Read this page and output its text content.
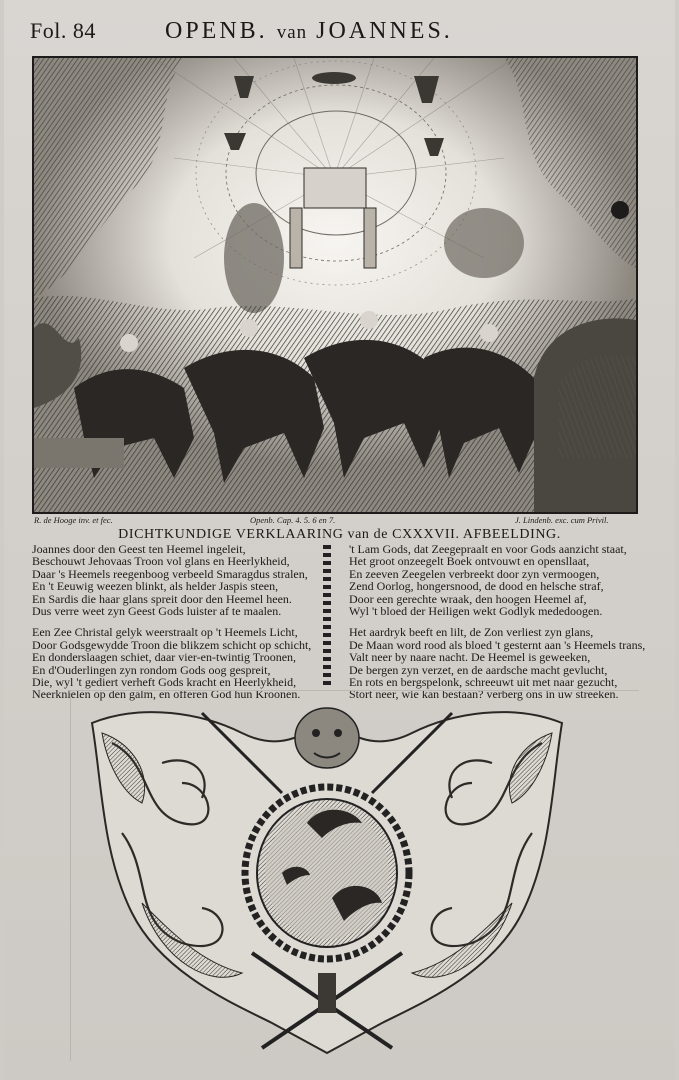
Fol. 84	OPENB. van JOANNES.
R. de Hooge inv. et fec.	Openb. Cap. 4. 5. 6 en 7.	J. Lindenb. exc. cum Privil.
DICHTKUNDIGE VERKLAARING van de CXXXVII. AFBEELDING.

Joannes door den Geest ten Heemel ingeleit,

Beschouwt Jehovaas Troon vol glans en Heerlykheid,

Daar 's Heemels reegenboog verbeeld Smaragdus stralen,

En 't Eeuwig weezen blinkt, als helder Jaspis steen,

En Sardis die haar glans spreit door den Heemel heen.

Dus verre weet zyn Geest Gods luister af te maalen.

Een Zee Christal gelyk weerstraalt op 't Heemels Licht,

Door Godsgewydde Troon die blikzem schicht op schicht,

En donderslaagen schiet, daar vier-en-twintig Troonen,

En d'Ouderlingen zyn rondom Gods oog gespreit,

Die, wyl 't gediert verheft Gods kracht en Heerlykheid,

Neerknielen op den galm, en offeren God hun Kroonen.

't Lam Gods, dat Zeegepraalt en voor Gods aanzicht staat,

Het groot onzeegelt Boek ontvouwt en opensllaat,

En zeeven Zeegelen verbreekt door zyn vermoogen,

Zend Oorlog, hongersnood, de dood en helsche straf,

Door een gerechte wraak, den hoogen Heemel af,

Wyl 't bloed der Heiligen wekt Godlyk mededoogen.

Het aardryk beeft en lilt, de Zon verliest zyn glans,

De Maan word rood als bloed 't gesternt aan 's Heemels trans,

Valt neer by naare nacht. De Heemel is geweeken,

De bergen zyn verzet, en de aardsche macht gevlucht,

En rots en bergspelonk, schreeuwt uit met naar gezucht,

Stort neer, wie kan bestaan? verberg ons in uw streeken.
